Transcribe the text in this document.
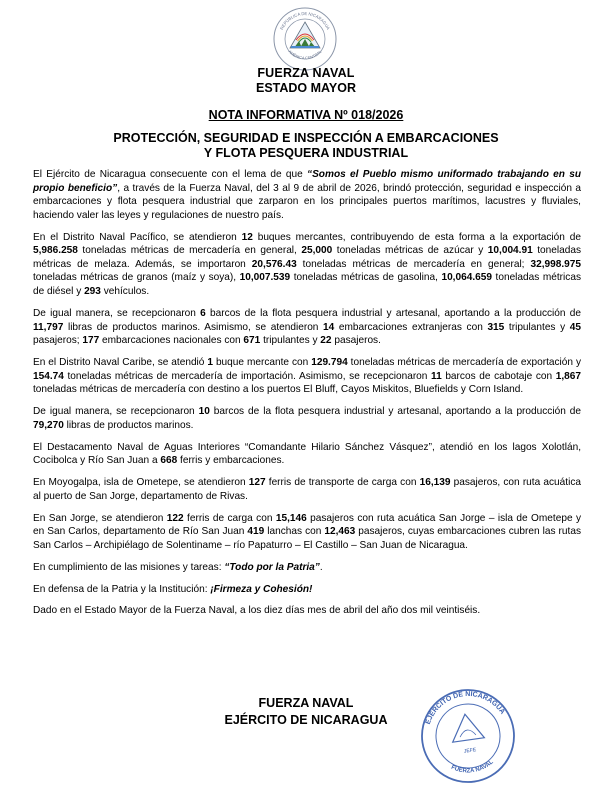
REPÚBLICA DE NICARAGUA
AMÉRICA CENTRAL
FUERZA NAVAL
ESTADO MAYOR
NOTA INFORMATIVA Nº 018/2026
PROTECCIÓN, SEGURIDAD E INSPECCIÓN A EMBARCACIONES
Y FLOTA PESQUERA INDUSTRIAL

El Ejército de Nicaragua consecuente con el lema de que “Somos el Pueblo mismo uniformado trabajando en su propio beneficio”, a través de la Fuerza Naval, del 3 al 9 de abril de 2026, brindó protección, seguridad e inspección a embarcaciones y flota pesquera industrial que zarparon en los principales puertos marítimos, lacustres y fluviales, haciendo valer las leyes y regulaciones de nuestro país.

En el Distrito Naval Pacífico, se atendieron 12 buques mercantes, contribuyendo de esta forma a la exportación de 5,986.258 toneladas métricas de mercadería en general, 25,000 toneladas métricas de azúcar y 10,004.91 toneladas métricas de melaza. Además, se importaron 20,576.43 toneladas métricas de mercadería en general; 32,998.975 toneladas métricas de granos (maíz y soya), 10,007.539 toneladas métricas de gasolina, 10,064.659 toneladas métricas de diésel y 293 vehículos.

De igual manera, se recepcionaron 6 barcos de la flota pesquera industrial y artesanal, aportando a la producción de 11,797 libras de productos marinos. Asimismo, se atendieron 14 embarcaciones extranjeras con 315 tripulantes y 45 pasajeros; 177 embarcaciones nacionales con 671 tripulantes y 22 pasajeros.

En el Distrito Naval Caribe, se atendió 1 buque mercante con 129.794 toneladas métricas de mercadería de exportación y 154.74 toneladas métricas de mercadería de importación. Asimismo, se recepcionaron 11 barcos de cabotaje con 1,867 toneladas métricas de mercadería con destino a los puertos El Bluff, Cayos Miskitos, Bluefields y Corn Island.

De igual manera, se recepcionaron 10 barcos de la flota pesquera industrial y artesanal, aportando a la producción de 79,270 libras de productos marinos.

El Destacamento Naval de Aguas Interiores “Comandante Hilario Sánchez Vásquez”, atendió en los lagos Xolotlán, Cocibolca y Río San Juan a 668 ferris y embarcaciones.

En Moyogalpa, isla de Ometepe, se atendieron 127 ferris de transporte de carga con 16,139 pasajeros, con ruta acuática al puerto de San Jorge, departamento de Rivas.

En San Jorge, se atendieron 122 ferris de carga con 15,146 pasajeros con ruta acuática San Jorge – isla de Ometepe y en San Carlos, departamento de Río San Juan 419 lanchas con 12,463 pasajeros, cuyas embarcaciones cubren las rutas San Carlos – Archipiélago de Solentiname – río Papaturro – El Castillo – San Juan de Nicaragua.

En cumplimiento de las misiones y tareas: “Todo por la Patria”.

En defensa de la Patria y la Institución: ¡Firmeza y Cohesión!

Dado en el Estado Mayor de la Fuerza Naval, a los diez días mes de abril del año dos mil veintiséis.

FUERZA NAVAL
EJÉRCITO DE NICARAGUA	EJÉRCITO DE NICARAGUA
FUERZA NAVAL
JEFE
